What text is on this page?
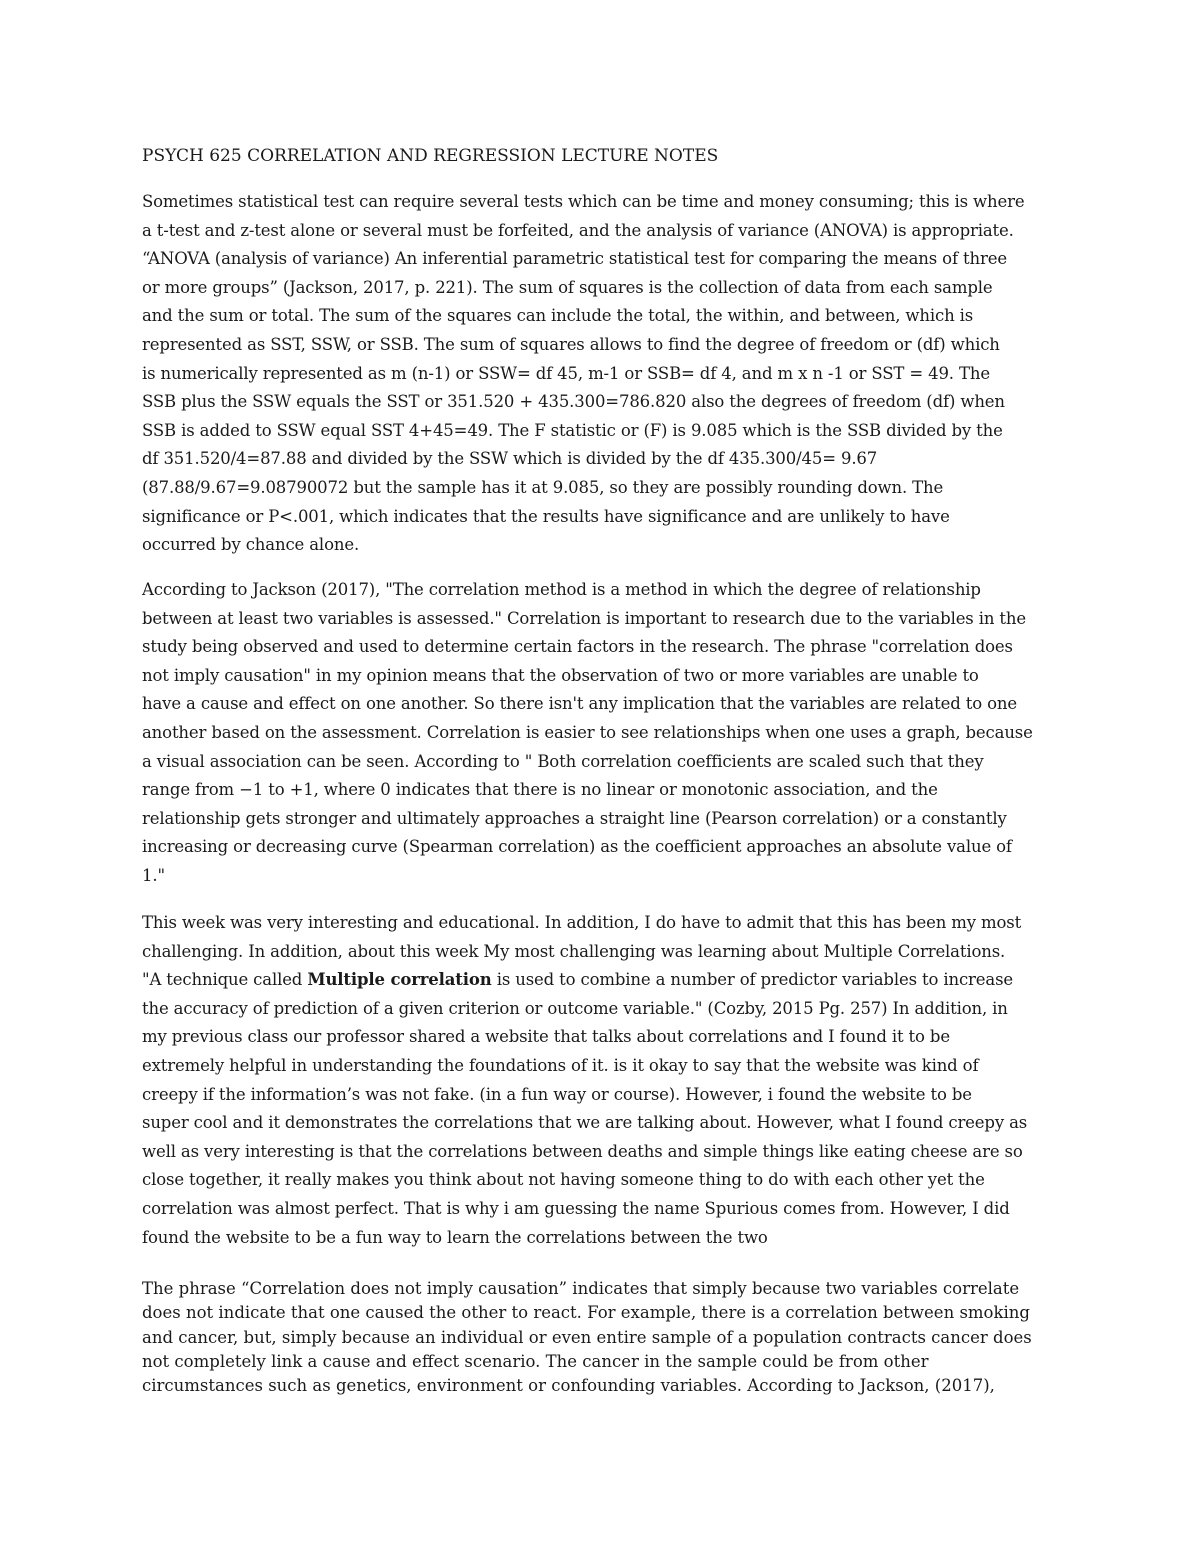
PSYCH 625 CORRELATION AND REGRESSION LECTURE NOTES

Sometimes statistical test can require several tests which can be time and money consuming; this is where
a t-test and z-test alone or several must be forfeited, and the analysis of variance (ANOVA) is appropriate.
“ANOVA (analysis of variance) An inferential parametric statistical test for comparing the means of three
or more groups” (Jackson, 2017, p. 221). The sum of squares is the collection of data from each sample
and the sum or total. The sum of the squares can include the total, the within, and between, which is
represented as SST, SSW, or SSB. The sum of squares allows to find the degree of freedom or (df) which
is numerically represented as m (n-1) or SSW= df 45, m-1 or SSB= df 4, and m x n -1 or SST = 49. The
SSB plus the SSW equals the SST or 351.520 + 435.300=786.820 also the degrees of freedom (df) when
SSB is added to SSW equal SST 4+45=49. The F statistic or (F) is 9.085 which is the SSB divided by the
df 351.520/4=87.88 and divided by the SSW which is divided by the df 435.300/45= 9.67
(87.88/9.67=9.08790072 but the sample has it at 9.085, so they are possibly rounding down. The
significance or P<.001, which indicates that the results have significance and are unlikely to have
occurred by chance alone.

According to Jackson (2017), "The correlation method is a method in which the degree of relationship
between at least two variables is assessed." Correlation is important to research due to the variables in the
study being observed and used to determine certain factors in the research. The phrase "correlation does
not imply causation" in my opinion means that the observation of two or more variables are unable to
have a cause and effect on one another. So there isn't any implication that the variables are related to one
another based on the assessment. Correlation is easier to see relationships when one uses a graph, because
a visual association can be seen. According to " Both correlation coefficients are scaled such that they
range from −1 to +1, where 0 indicates that there is no linear or monotonic association, and the
relationship gets stronger and ultimately approaches a straight line (Pearson correlation) or a constantly
increasing or decreasing curve (Spearman correlation) as the coefficient approaches an absolute value of
1."

This week was very interesting and educational. In addition, I do have to admit that this has been my most
challenging. In addition, about this week My most challenging was learning about Multiple Correlations.
"A technique called Multiple correlation is used to combine a number of predictor variables to increase
the accuracy of prediction of a given criterion or outcome variable." (Cozby, 2015 Pg. 257) In addition, in
my previous class our professor shared a website that talks about correlations and I found it to be
extremely helpful in understanding the foundations of it. is it okay to say that the website was kind of
creepy if the information’s was not fake. (in a fun way or course). However, i found the website to be
super cool and it demonstrates the correlations that we are talking about. However, what I found creepy as
well as very interesting is that the correlations between deaths and simple things like eating cheese are so
close together, it really makes you think about not having someone thing to do with each other yet the
correlation was almost perfect. That is why i am guessing the name Spurious comes from. However, I did
found the website to be a fun way to learn the correlations between the two

The phrase “Correlation does not imply causation” indicates that simply because two variables correlate
does not indicate that one caused the other to react. For example, there is a correlation between smoking
and cancer, but, simply because an individual or even entire sample of a population contracts cancer does
not completely link a cause and effect scenario. The cancer in the sample could be from other
circumstances such as genetics, environment or confounding variables. According to Jackson, (2017),
